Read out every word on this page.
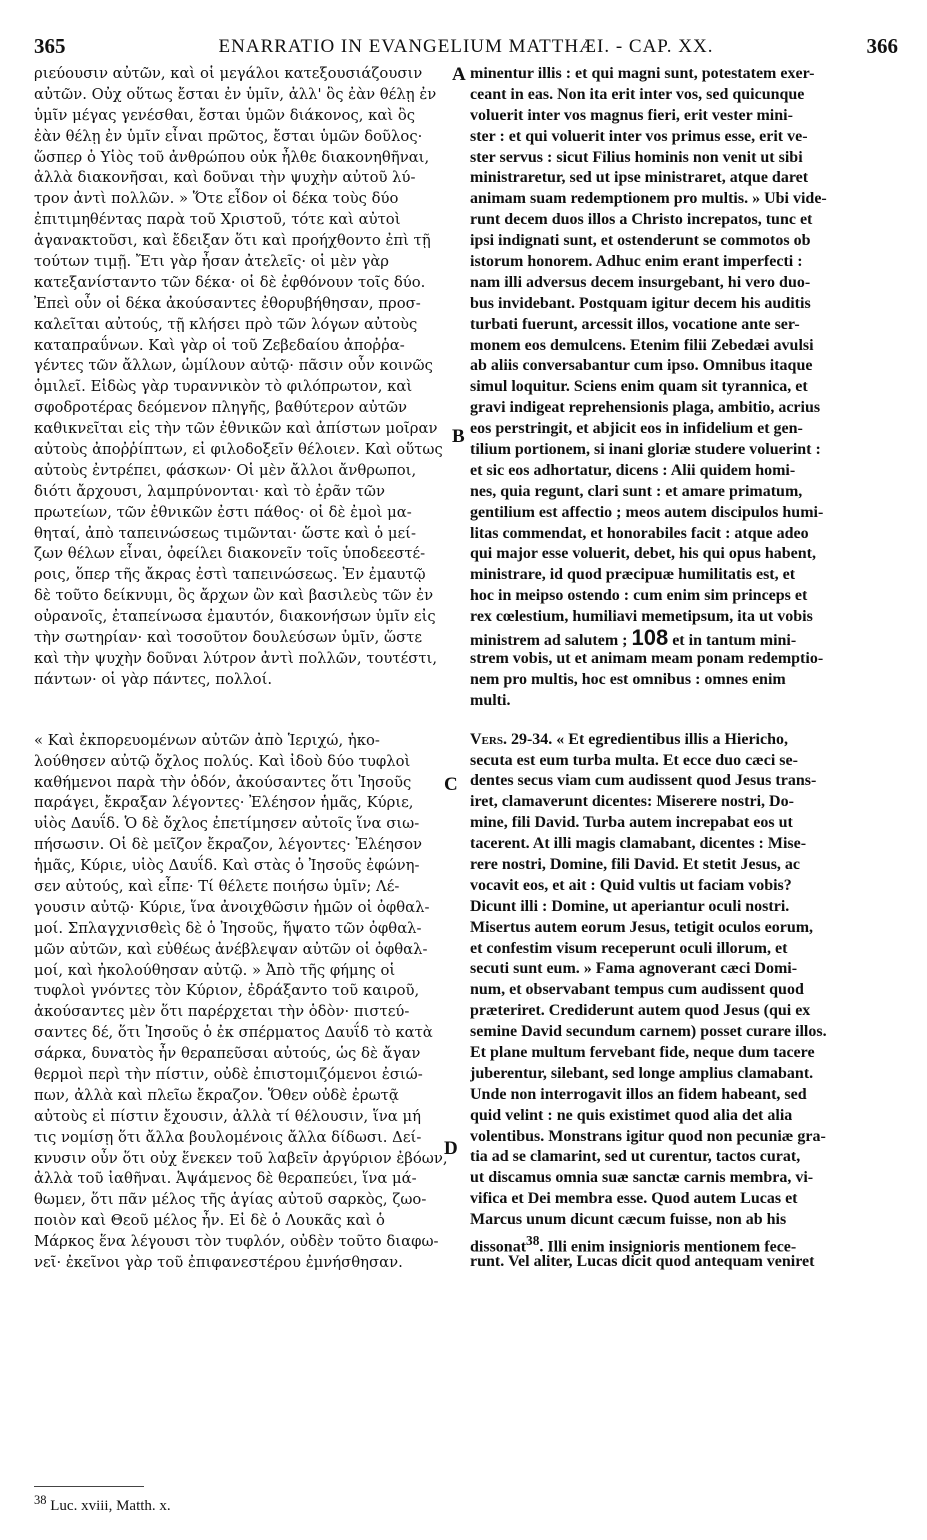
365	ENARRATIO IN EVANGELIUM MATTHÆI. - CAP. XX.	366
ριεύουσιν αὐτῶν, καὶ οἱ μεγάλοι κατεξουσιάζουσιν
αὐτῶν. Οὐχ οὕτως ἔσται ἐν ὑμῖν, ἀλλ' ὃς ἐὰν θέλῃ ἐν
ὑμῖν μέγας γενέσθαι, ἔσται ὑμῶν διάκονος, καὶ ὃς
ἐὰν θέλῃ ἐν ὑμῖν εἶναι πρῶτος, ἔσται ὑμῶν δοῦλος·
ὥσπερ ὁ Υἱὸς τοῦ ἀνθρώπου οὐκ ἦλθε διακονηθῆναι,
ἀλλὰ διακονῆσαι, καὶ δοῦναι τὴν ψυχὴν αὐτοῦ λύ-
τρον ἀντὶ πολλῶν. » Ὅτε εἶδον οἱ δέκα τοὺς δύο
ἐπιτιμηθέντας παρὰ τοῦ Χριστοῦ, τότε καὶ αὐτοὶ
ἀγανακτοῦσι, καὶ ἔδειξαν ὅτι καὶ προήχθοντο ἐπὶ τῇ
τούτων τιμῇ. Ἔτι γὰρ ἦσαν ἀτελεῖς· οἱ μὲν γὰρ
κατεξανίσταντο τῶν δέκα· οἱ δὲ ἐφθόνουν τοῖς δύο.
Ἐπεὶ οὖν οἱ δέκα ἀκούσαντες ἐθορυβήθησαν, προσ-
καλεῖται αὐτούς, τῇ κλήσει πρὸ τῶν λόγων αὐτοὺς
καταπραΰνων. Καὶ γὰρ οἱ τοῦ Ζεβεδαίου ἀποῤῥα-
γέντες τῶν ἄλλων, ὡμίλουν αὐτῷ· πᾶσιν οὖν κοινῶς
ὁμιλεῖ. Εἰδὼς γὰρ τυραννικὸν τὸ φιλόπρωτον, καὶ
σφοδροτέρας δεόμενον πληγῆς, βαθύτερον αὐτῶν
καθικνεῖται εἰς τὴν τῶν ἐθνικῶν καὶ ἀπίστων μοῖραν
αὐτοὺς ἀποῤῥίπτων, εἰ φιλοδοξεῖν θέλοιεν. Καὶ οὕτως
αὐτοὺς ἐντρέπει, φάσκων· Οἱ μὲν ἄλλοι ἄνθρωποι,
διότι ἄρχουσι, λαμπρύνονται· καὶ τὸ ἐρᾶν τῶν
πρωτείων, τῶν ἐθνικῶν ἐστι πάθος· οἱ δὲ ἐμοὶ μα-
θηταί, ἀπὸ ταπεινώσεως τιμῶνται· ὥστε καὶ ὁ μεί-
ζων θέλων εἶναι, ὀφείλει διακονεῖν τοῖς ὑποδεεστέ-
ροις, ὅπερ τῆς ἄκρας ἐστὶ ταπεινώσεως. Ἐν ἐμαυτῷ
δὲ τοῦτο δείκνυμι, ὃς ἄρχων ὢν καὶ βασιλεὺς τῶν ἐν
οὐρανοῖς, ἐταπείνωσα ἐμαυτόν, διακονήσων ὑμῖν εἰς
τὴν σωτηρίαν· καὶ τοσοῦτον δουλεύσων ὑμῖν, ὥστε
καὶ τὴν ψυχὴν δοῦναι λύτρον ἀντὶ πολλῶν, τουτέστι,
πάντων· οἱ γὰρ πάντες, πολλοί.
« Καὶ ἐκπορευομένων αὐτῶν ἀπὸ Ἱεριχώ, ἠκο-
λούθησεν αὐτῷ ὄχλος πολύς. Καὶ ἰδοὺ δύο τυφλοὶ
καθήμενοι παρὰ τὴν ὁδόν, ἀκούσαντες ὅτι Ἰησοῦς
παράγει, ἔκραξαν λέγοντες· Ἐλέησον ἡμᾶς, Κύριε,
υἱὸς Δαυΐδ. Ὁ δὲ ὄχλος ἐπετίμησεν αὐτοῖς ἵνα σιω-
πήσωσιν. Οἱ δὲ μεῖζον ἔκραζον, λέγοντες· Ἐλέησον
ἡμᾶς, Κύριε, υἱὸς Δαυΐδ. Καὶ στὰς ὁ Ἰησοῦς ἐφώνη-
σεν αὐτούς, καὶ εἶπε· Τί θέλετε ποιήσω ὑμῖν; Λέ-
γουσιν αὐτῷ· Κύριε, ἵνα ἀνοιχθῶσιν ἡμῶν οἱ ὀφθαλ-
μοί. Σπλαγχνισθεὶς δὲ ὁ Ἰησοῦς, ἥψατο τῶν ὀφθαλ-
μῶν αὐτῶν, καὶ εὐθέως ἀνέβλεψαν αὐτῶν οἱ ὀφθαλ-
μοί, καὶ ἠκολούθησαν αὐτῷ. » Ἀπὸ τῆς φήμης οἱ
τυφλοὶ γνόντες τὸν Κύριον, ἐδράξαντο τοῦ καιροῦ,
ἀκούσαντες μὲν ὅτι παρέρχεται τὴν ὁδὸν· πιστεύ-
σαντες δέ, ὅτι Ἰησοῦς ὁ ἐκ σπέρματος Δαυΐδ τὸ κατὰ
σάρκα, δυνατὸς ἦν θεραπεῦσαι αὐτούς, ὡς δὲ ἄγαν
θερμοὶ περὶ τὴν πίστιν, οὐδὲ ἐπιστομιζόμενοι ἐσιώ-
πων, ἀλλὰ καὶ πλεῖω ἔκραζον. Ὅθεν οὐδὲ ἐρωτᾷ
αὐτοὺς εἰ πίστιν ἔχουσιν, ἀλλὰ τί θέλουσιν, ἵνα μή
τις νομίσῃ ὅτι ἄλλα βουλομένοις ἄλλα δίδωσι. Δεί-
κνυσιν οὖν ὅτι οὐχ ἕνεκεν τοῦ λαβεῖν ἀργύριον ἐβόων,
ἀλλὰ τοῦ ἰαθῆναι. Ἁψάμενος δὲ θεραπεύει, ἵνα μά-
θωμεν, ὅτι πᾶν μέλος τῆς ἁγίας αὐτοῦ σαρκὸς, ζωο-
ποιὸν καὶ Θεοῦ μέλος ἦν. Εἰ δὲ ὁ Λουκᾶς καὶ ὁ
Μάρκος ἕνα λέγουσι τὸν τυφλόν, οὐδὲν τοῦτο διαφω-
νεῖ· ἐκεῖνοι γὰρ τοῦ ἐπιφανεστέρου ἐμνήσθησαν.
minentur illis : et qui magni sunt, potestatem exer-
ceant in eas. Non ita erit inter vos, sed quicunque
voluerit inter vos magnus fieri, erit vester mini-
ster : et qui voluerit inter vos primus esse, erit ve-
ster servus : sicut Filius hominis non venit ut sibi
ministraretur, sed ut ipse ministraret, atque daret
animam suam redemptionem pro multis. » Ubi vide-
runt decem duos illos a Christo increpatos, tunc et
ipsi indignati sunt, et ostenderunt se commotos ob
istorum honorem. Adhuc enim erant imperfecti :
nam illi adversus decem insurgebant, hi vero duo-
bus invidebant. Postquam igitur decem his auditis
turbati fuerunt, arcessit illos, vocatione ante ser-
monem eos demulcens. Etenim filii Zebedæi avulsi
ab aliis conversabantur cum ipso. Omnibus itaque
simul loquitur. Sciens enim quam sit tyrannica, et
gravi indigeat reprehensionis plaga, ambitio, acrius
eos perstringit, et abjicit eos in infidelium et gen-
tilium portionem, si inani gloriæ studere voluerint :
et sic eos adhortatur, dicens : Alii quidem homi-
nes, quia regunt, clari sunt : et amare primatum,
gentilium est affectio ; meos autem discipulos humi-
litas commendat, et honorabiles facit : atque adeo
qui major esse voluerit, debet, his qui opus habent,
ministrare, id quod præcipuæ humilitatis est, et
hoc in meipso ostendo : cum enim sim princeps et
rex cœlestium, humiliavi memetipsum, ita ut vobis
ministrem ad salutem ; 108 et in tantum mini-
strem vobis, ut et animam meam ponam redemptio-
nem pro multis, hoc est omnibus : omnes enim
multi.
Vers. 29-34. « Et egredientibus illis a Hiericho,
secuta est eum turba multa. Et ecce duo cæci se-
dentes secus viam cum audissent quod Jesus trans-
iret, clamaverunt dicentes: Miserere nostri, Do-
mine, fili David. Turba autem increpabat eos ut
tacerent. At illi magis clamabant, dicentes : Mise-
rere nostri, Domine, fili David. Et stetit Jesus, ac
vocavit eos, et ait : Quid vultis ut faciam vobis?
Dicunt illi : Domine, ut aperiantur oculi nostri.
Misertus autem eorum Jesus, tetigit oculos eorum,
et confestim visum receperunt oculi illorum, et
secuti sunt eum. » Fama agnoverant cæci Domi-
num, et observabant tempus cum audissent quod
præteriret. Crediderunt autem quod Jesus (qui ex
semine David secundum carnem) posset curare illos.
Et plane multum fervebant fide, neque dum tacere
juberentur, silebant, sed longe amplius clamabant.
Unde non interrogavit illos an fidem habeant, sed
quid velint : ne quis existimet quod alia det alia
volentibus. Monstrans igitur quod non pecuniæ gra-
tia ad se clamarint, sed ut curentur, tactos curat,
ut discamus omnia suæ sanctæ carnis membra, vi-
vifica et Dei membra esse. Quod autem Lucas et
Marcus unum dicunt cæcum fuisse, non ab his
dissonat$^{38}$. Illi enim insignioris mentionem fece-
runt. Vel aliter, Lucas dicit quod antequam veniret
A
B
C
D
$^{38}$ Luc. xviii, Matth. x.
